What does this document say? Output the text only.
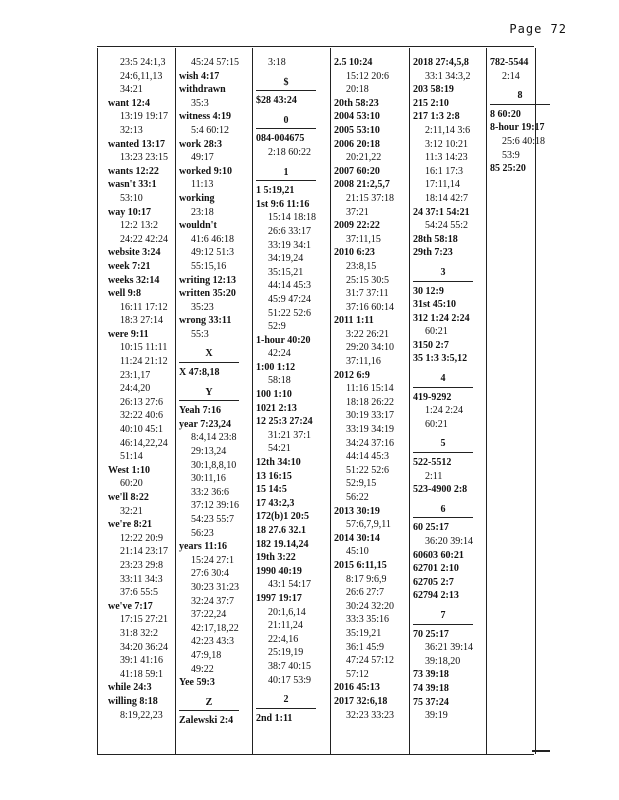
Page 72
23:5 24:1,3
24:6,11,13
34:21
want 12:4
13:19 19:17
32:13
wanted 13:17
13:23 23:15
wants 12:22
wasn't 33:1
53:10
way 10:17
12:2 13:2
24:22 42:24
website 3:24
week 7:21
weeks 32:14
well 9:8
16:11 17:12
18:3 27:14
were 9:11
10:15 11:11
11:24 21:12
23:1,17
24:4,20
26:13 27:6
32:22 40:6
40:10 45:1
46:14,22,24
51:14
West 1:10
60:20
we'll 8:22
32:21
we're 8:21
12:22 20:9
21:14 23:17
23:23 29:8
33:11 34:3
37:6 55:5
we've 7:17
17:15 27:21
31:8 32:2
34:20 36:24
39:1 41:16
41:18 59:1
while 24:3
willing 8:18
8:19,22,23
45:24 57:15
wish 4:17
withdrawn
35:3
witness 4:19
5:4 60:12
work 28:3
49:17
worked 9:10
11:13
working
23:18
wouldn't
41:6 46:18
49:12 51:3
55:15,16
writing 12:13
written 35:20
35:23
wrong 33:11
55:3
X
X 47:8,18
Y
Yeah 7:16
year 7:23,24
8:4,14 23:8
29:13,24
30:1,8,8,10
30:11,16
33:2 36:6
37:12 39:16
54:23 55:7
56:23
years 11:16
15:24 27:1
27:6 30:4
30:23 31:23
32:24 37:7
37:22,24
42:17,18,22
42:23 43:3
47:9,18
49:22
Yee 59:3
Z
Zalewski 2:4
3:18
$
$28 43:24
0
084-004675
2:18 60:22
1
1 5:19,21
1st 9:6 11:16
15:14 18:18
26:6 33:17
33:19 34:1
34:19,24
35:15,21
44:14 45:3
45:9 47:24
51:22 52:6
52:9
1-hour 40:20
42:24
1:00 1:12
58:18
100 1:10
1021 2:13
12 25:3 27:24
31:21 37:1
54:21
12th 34:10
13 16:15
15 14:5
17 43:2,3
172(b)1 20:5
18 27.6 32.1
182 19.14,24
19th 3:22
1990 40:19
43:1 54:17
1997 19:17
20:1,6,14
21:11,24
22:4,16
25:19,19
38:7 40:15
40:17 53:9
2
2nd 1:11
2.5 10:24
15:12 20:6
20:18
20th 58:23
2004 53:10
2005 53:10
2006 20:18
20:21,22
2007 60:20
2008 21:2,5,7
21:15 37:18
37:21
2009 22:22
37:11,15
2010 6:23
23:8,15
25:15 30:5
31:7 37:11
37:16 60:14
2011 1:11
3:22 26:21
29:20 34:10
37:11,16
2012 6:9
11:16 15:14
18:18 26:22
30:19 33:17
33:19 34:19
34:24 37:16
44:14 45:3
51:22 52:6
52:9,15
56:22
2013 30:19
57:6,7,9,11
2014 30:14
45:10
2015 6:11,15
8:17 9:6,9
26:6 27:7
30:24 32:20
33:3 35:16
35:19,21
36:1 45:9
47:24 57:12
57:12
2016 45:13
2017 32:6,18
32:23 33:23
2018 27:4,5,8
33:1 34:3,2
203 58:19
215 2:10
217 1:3 2:8
2:11,14 3:6
3:12 10:21
11:3 14:23
16:1 17:3
17:11,14
18:14 42:7
24 37:1 54:21
54:24 55:2
28th 58:18
29th 7:23
3
30 12:9
31st 45:10
312 1:24 2:24
60:21
3150 2:7
35 1:3 3:5,12
4
419-9292
1:24 2:24
60:21
5
522-5512
2:11
523-4900 2:8
6
60 25:17
36:20 39:14
60603 60:21
62701 2:10
62705 2:7
62794 2:13
7
70 25:17
36:21 39:14
39:18,20
73 39:18
74 39:18
75 37:24
39:19
782-5544
2:14
8
8 60:20
8-hour 19:17
25:6 40:18
53:9
85 25:20
